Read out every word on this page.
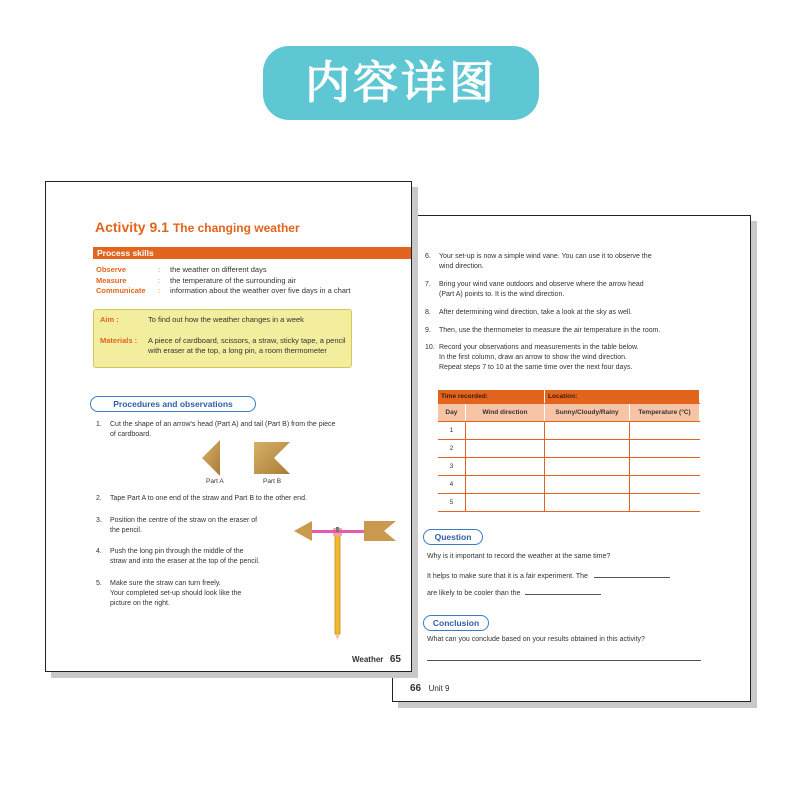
内容详图
6. Your set-up is now a simple wind vane. You can use it to observe the
wind direction.
7. Bring your wind vane outdoors and observe where the arrow head
(Part A) points to. It is the wind direction.
8. After determining wind direction, take a look at the sky as well.
9. Then, use the thermometer to measure the air temperature in the room.
10. Record your observations and measurements in the table below.
In the first column, draw an arrow to show the wind direction.
Repeat steps 7 to 10 at the same time over the next four days.
Time recorded:		Location:	
Day	Wind direction	Sunny/Cloudy/Rainy	Temperature (°C)
1			
2			
3			
4			
5			
Question
Why is it important to record the weather at the same time?
It helps to make sure that it is a fair experiment. The
are likely to be cooler than the
Conclusion
What can you conclude based on your results obtained in this activity?
66 Unit 9
Activity 9.1 The changing weather
Process skills
Observe	: the weather on different days
Measure	: the temperature of the surrounding air
Communicate : information about the weather over five days in a chart
Aim :	To find out how the weather changes in a week
Materials : A piece of cardboard, scissors, a straw, sticky tape, a pencil
with eraser at the top, a long pin, a room thermometer
Procedures and observations
1. Cut the shape of an arrow's head (Part A) and tail (Part B) from the piece
of cardboard.
2. Tape Part A to one end of the straw and Part B to the other end.
3. Position the centre of the straw on the eraser of
the pencil.
4. Push the long pin through the middle of the
straw and into the eraser at the top of the pencil.
5. Make sure the straw can turn freely.
Your completed set-up should look like the
picture on the right.
Part A	Part B
Weather 65
